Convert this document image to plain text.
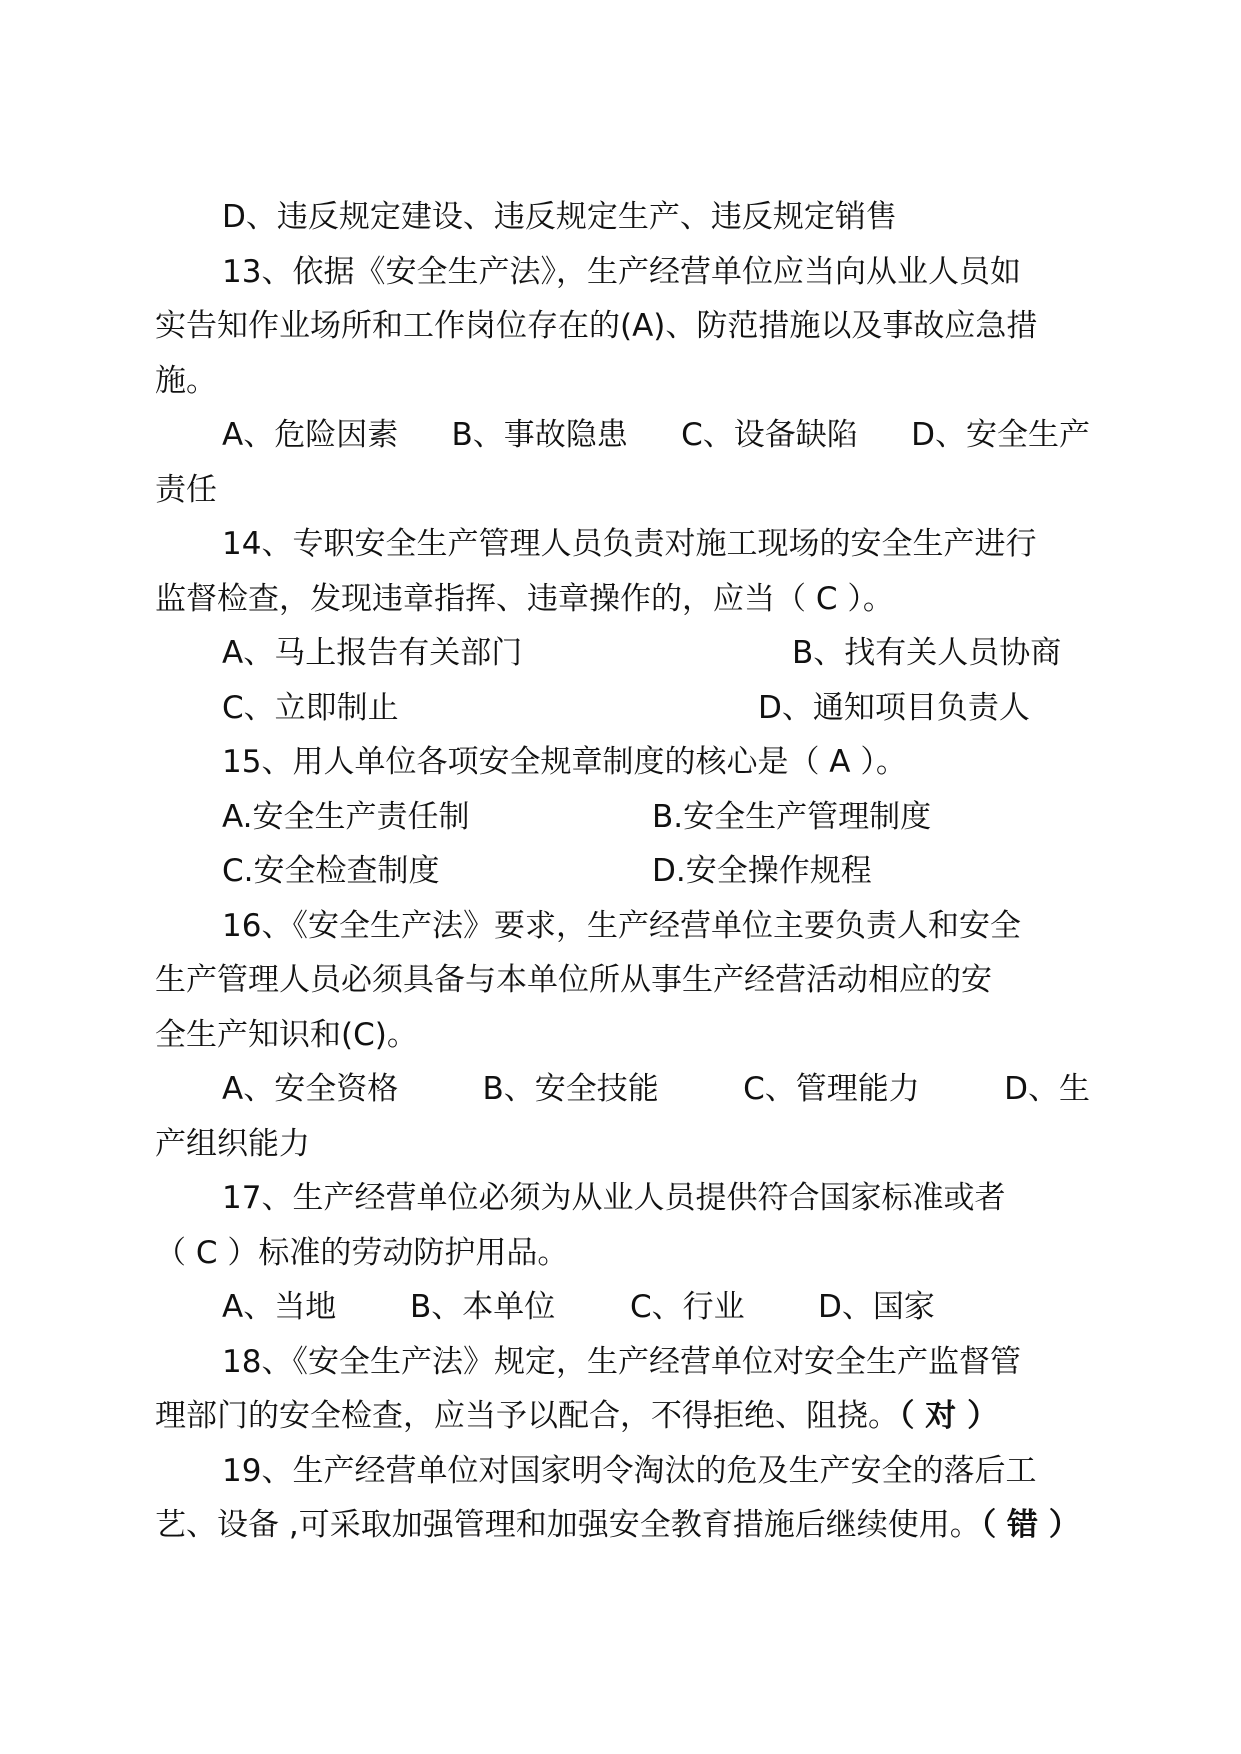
D、违反规定建设、违反规定生产、违反规定销售
13、依据《安全生产法》，生产经营单位应当向从业人员如
实告知作业场所和工作岗位存在的(A)、防范措施以及事故应急措
施。
A、危险因素 B、事故隐患 C、设备缺陷 D、安全生产
责任
14、专职安全生产管理人员负责对施工现场的安全生产进行
监督检查，发现违章指挥、违章操作的，应当（ C ）。
A、马上报告有关部门	B、找有关人员协商
C、立即制止	D、通知项目负责人
15、用人单位各项安全规章制度的核心是（ A ）。
A.安全生产责任制	B.安全生产管理制度
C.安全检查制度	D.安全操作规程
16、《安全生产法》要求，生产经营单位主要负责人和安全
生产管理人员必须具备与本单位所从事生产经营活动相应的安
全生产知识和(C)。
A、安全资格	B、安全技能	C、管理能力	D、生
产组织能力
17、生产经营单位必须为从业人员提供符合国家标准或者
（ C ）标准的劳动防护用品。
A、当地 B、本单位 C、行业 D、国家
18、《安全生产法》规定，生产经营单位对安全生产监督管
理部门的安全检查，应当予以配合，不得拒绝、阻挠。（ 对 ）
19、生产经营单位对国家明令淘汰的危及生产安全的落后工
艺、设备 ,可采取加强管理和加强安全教育措施后继续使用。（ 错 ）
